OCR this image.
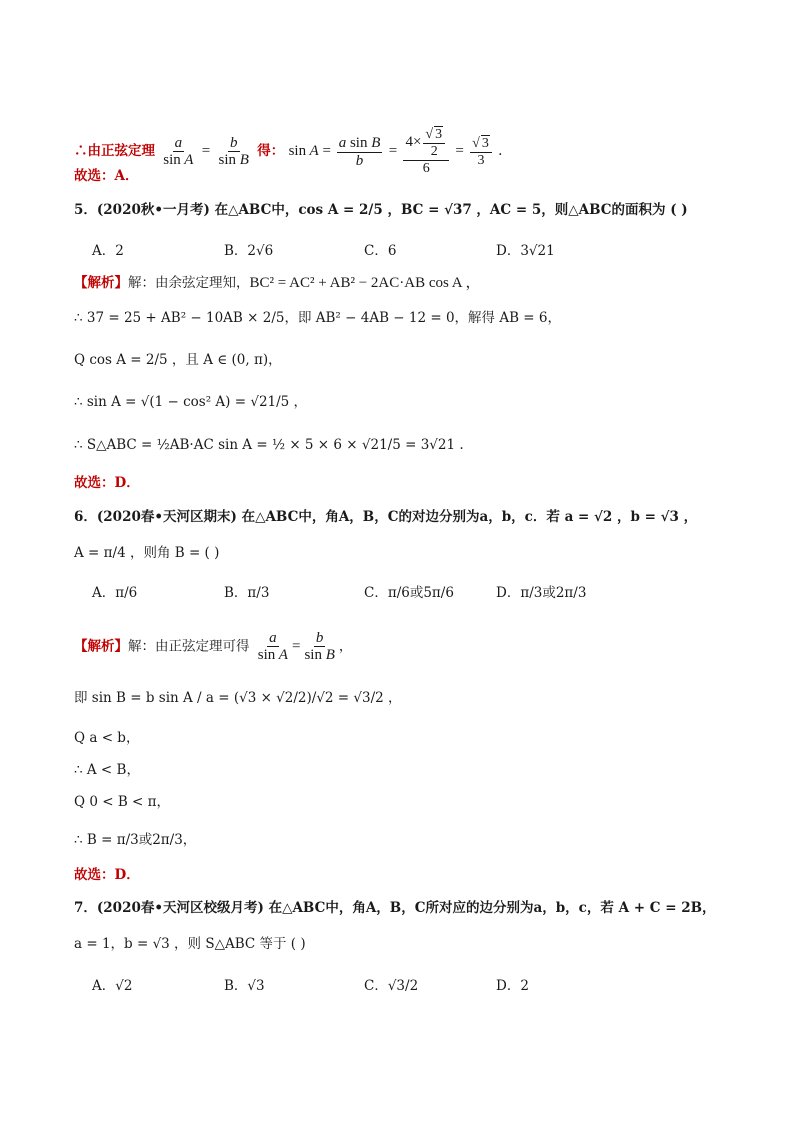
∴由正弦定理 $\frac{a}{\text{sin A}} = \frac{b}{\text{sin B}}$ 得： $\sin A = \frac{\text{a sin B}}{b} = 4\times$
√ $\frac{3}{2}$
6 =
√ $\frac{3}{3}$ .
故选：A．
5．(2020秋•一月考) 在△ABC中，cos A = 2/5 ，BC = √37 ，AC = 5，则△ABC的面积为 ( )
A．2	B．2√6	C．6	D．3√21
【解析】解：由余弦定理知，BC² = AC² + AB² − 2AC·AB cos A ，
∴ 37 = 25 + AB² − 10AB × 2/5，即 AB² − 4AB − 12 = 0，解得 AB = 6，
Q cos A = 2/5 ，且 A ∈ (0, π)，
∴ sin A = √(1 − cos² A) = √21/5 ，
∴ S△ABC = ½AB·AC sin A = ½ × 5 × 6 × √21/5 = 3√21 .
故选：D．
6．(2020春•天河区期末) 在△ABC中，角A，B，C的对边分别为a，b，c．若 a = √2 ，b = √3 ，
A = π/4 ，则角 B = ( )
A．π/6	B．π/3	C．π/6或5π/6	D．π/3或2π/3
【解析】解：由正弦定理可得 $\frac{a}{\text{sin A}} = \frac{b}{\text{sin B}}$ ，
即 sin B = b sin A / a = (√3 × √2/2)/√2 = √3/2 ，
Q a < b，
∴ A < B，
Q 0 < B < π，
∴ B = π/3或2π/3，
故选：D．
7．(2020春•天河区校级月考) 在△ABC中，角A，B，C所对应的边分别为a，b，c，若 A + C = 2B，
a = 1，b = √3 ，则 S△ABC 等于 ( )
A．√2	B．√3	C．√3/2	D．2
